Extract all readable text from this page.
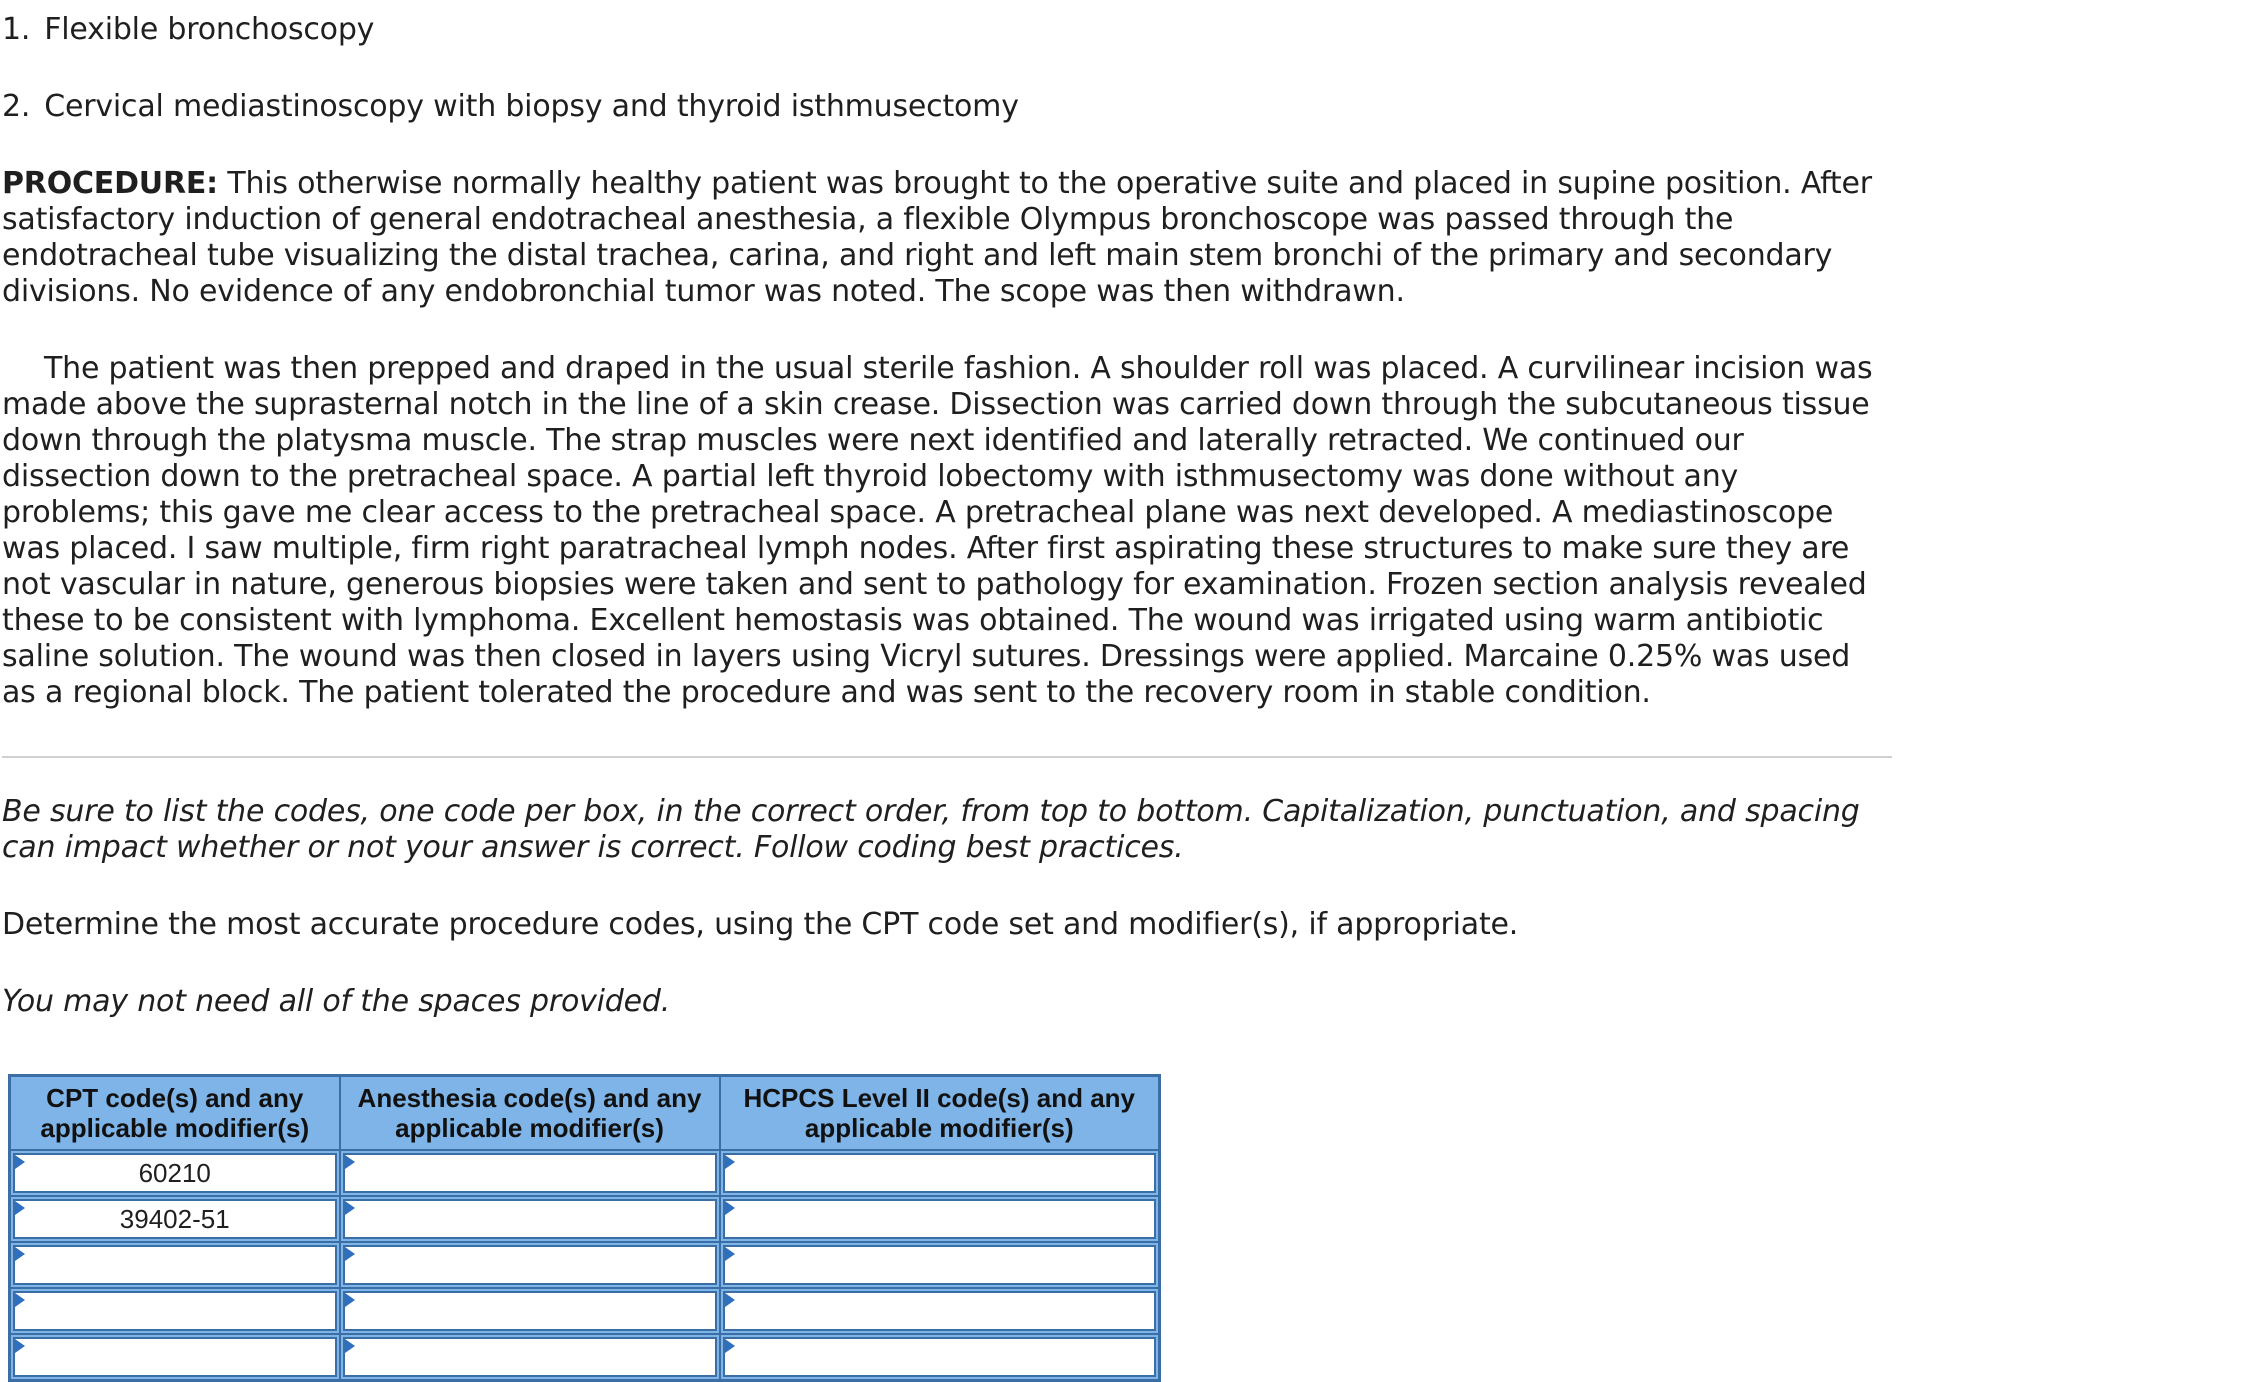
1. Flexible bronchoscopy

2. Cervical mediastinoscopy with biopsy and thyroid isthmusectomy

PROCEDURE: This otherwise normally healthy patient was brought to the operative suite and placed in supine position. After satisfactory induction of general endotracheal anesthesia, a flexible Olympus bronchoscope was passed through the endotracheal tube visualizing the distal trachea, carina, and right and left main stem bronchi of the primary and secondary divisions. No evidence of any endobronchial tumor was noted. The scope was then withdrawn.

The patient was then prepped and draped in the usual sterile fashion. A shoulder roll was placed. A curvilinear incision was made above the suprasternal notch in the line of a skin crease. Dissection was carried down through the subcutaneous tissue down through the platysma muscle. The strap muscles were next identified and laterally retracted. We continued our dissection down to the pretracheal space. A partial left thyroid lobectomy with isthmusectomy was done without any problems; this gave me clear access to the pretracheal space. A pretracheal plane was next developed. A mediastinoscope was placed. I saw multiple, firm right paratracheal lymph nodes. After first aspirating these structures to make sure they are not vascular in nature, generous biopsies were taken and sent to pathology for examination. Frozen section analysis revealed these to be consistent with lymphoma. Excellent hemostasis was obtained. The wound was irrigated using warm antibiotic saline solution. The wound was then closed in layers using Vicryl sutures. Dressings were applied. Marcaine 0.25% was used as a regional block. The patient tolerated the procedure and was sent to the recovery room in stable condition.

Be sure to list the codes, one code per box, in the correct order, from top to bottom. Capitalization, punctuation, and spacing can impact whether or not your answer is correct. Follow coding best practices.

Determine the most accurate procedure codes, using the CPT code set and modifier(s), if appropriate.

You may not need all of the spaces provided.

CPT code(s) and any applicable modifier(s)	Anesthesia code(s) and any applicable modifier(s)	HCPCS Level II code(s) and any applicable modifier(s)

60210		

39402-51		
